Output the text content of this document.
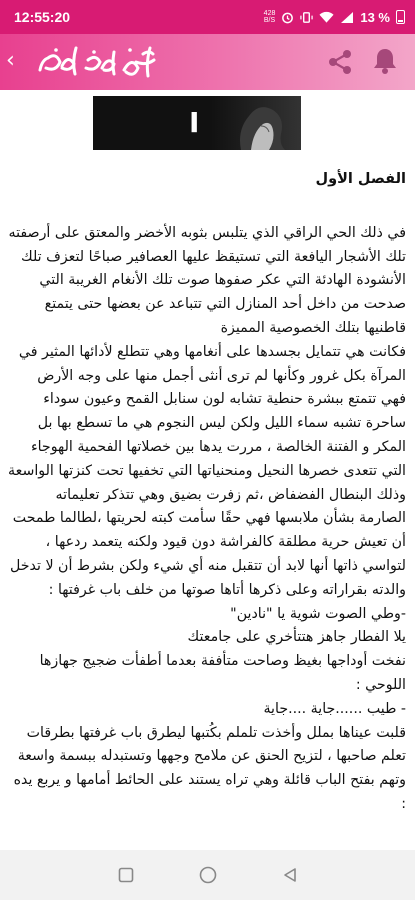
12:55:20	428
B/S	13 %
‹
I
الفصل الأول

في ذلك الحي الراقي الذي يتلبس بثوبه الأخضر والمعتق على أرصفته تلك الأشجار اليافعة التي تستيقظ عليها العصافير صباحًا لتعزف تلك الأنشودة الهادئة التي عكر صفوها صوت تلك الأنغام الغريبة التي صدحت من داخل أحد المنازل التي تتباعد عن بعضها حتى يتمتع قاطنيها بتلك الخصوصية المميزة

فكانت هي تتمايل بجسدها على أنغامها وهي تتطلع لأدائها المثير في المرآة بكل غرور وكأنها لم ترى أنثى أجمل منها على وجه الأرض فهي تتمتع ببشرة حنطية تشابه لون سنابل القمح وعيون سوداء ساحرة تشبه سماء الليل ولكن ليس النجوم هي ما تسطع بها بل المكر و الفتنة الخالصة ، مررت يدها بين خصلاتها الفحمية الهوجاء التي تتعدى خصرها النحيل ومنحنياتها التي تخفيها تحت كنزتها الواسعة وذلك البنطال الفضفاض ،ثم زفرت بضيق وهي تتذكر تعليماته الصارمة بشأن ملابسها فهي حقًا سأمت كبته لحريتها ،لطالما طمحت أن تعيش حرية مطلقة كالفراشة دون قيود ولكنه يتعمد ردعها ، لتواسي ذاتها أنها لابد أن تتقبل منه أي شيء ولكن بشرط أن لا تدخل والدته بقراراته وعلى ذكرها أتاها صوتها من خلف باب غرفتها :

-وطي الصوت شوية يا "نادين"

يلا الفطار جاهز هتتأخري على جامعتك

نفخت أوداجها بغيظ وصاحت متأففة بعدما أطفأت ضجيج جهازها اللوحي :

- طيب ......جاية ....جاية

قلبت عيناها بملل وأخذت تلملم بكُتبها ليطرق باب غرفتها بطرقات تعلم صاحبها ، لتزيح الحنق عن ملامح وجهها وتستبدله ببسمة واسعة وتهم بفتح الباب قائلة وهي تراه يستند على الحائط أمامها و يربع يده :
